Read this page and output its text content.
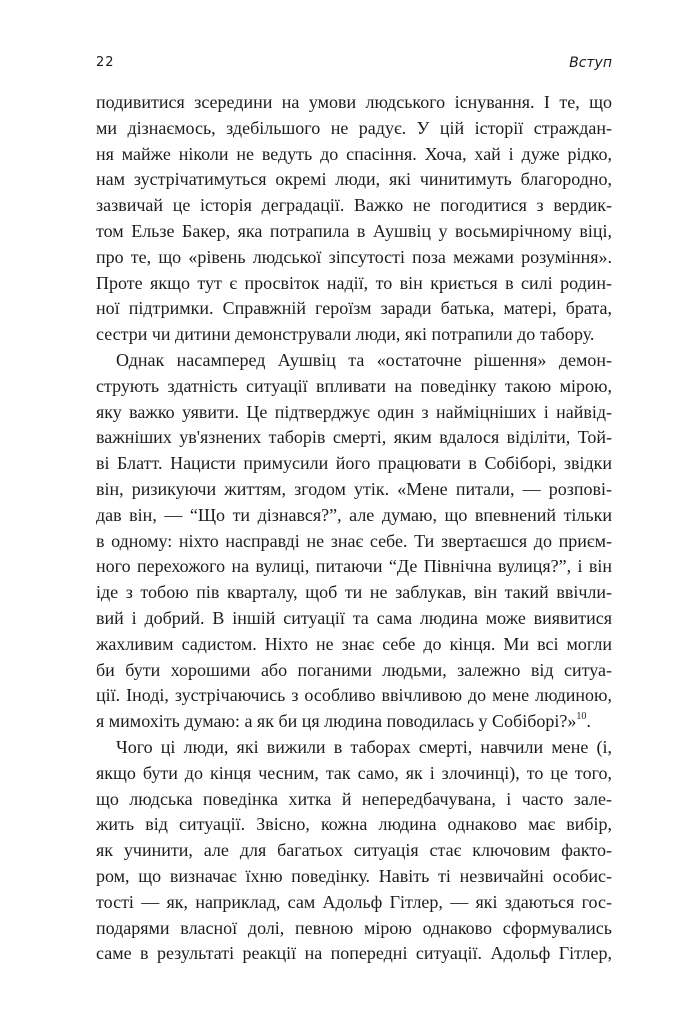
22	Вступ

подивитися зсередини на умови людського існування. І те, що
ми дізнаємось, здебільшого не радує. У цій історії страждан-
ня майже ніколи не ведуть до спасіння. Хоча, хай і дуже рідко,
нам зустрічатимуться окремі люди, які чинитимуть благородно,
зазвичай це історія деградації. Важко не погодитися з вердик-
том Ельзе Бакер, яка потрапила в Аушвіц у восьмирічному віці,
про те, що «рівень людської зіпсутості поза межами розуміння».
Проте якщо тут є просвіток надії, то він криється в силі родин-
ної підтримки. Справжній героїзм заради батька, матері, брата,
сестри чи дитини демонстрували люди, які потрапили до табору.

Однак насамперед Аушвіц та «остаточне рішення» демон-
струють здатність ситуації впливати на поведінку такою мірою,
яку важко уявити. Це підтверджує один з найміцніших і найвід-
важніших ув'язнених таборів смерті, яким вдалося віділіти, Той-
ві Блатт. Нацисти примусили його працювати в Собіборі, звідки
він, ризикуючи життям, згодом утік. «Мене питали, — розпові-
дав він, — “Що ти дізнався?”, але думаю, що впевнений тільки
в одному: ніхто насправді не знає себе. Ти звертаєшся до приєм-
ного перехожого на вулиці, питаючи “Де Північна вулиця?”, і він
іде з тобою пів кварталу, щоб ти не заблукав, він такий ввічли-
вий і добрий. В іншій ситуації та сама людина може виявитися
жахливим садистом. Ніхто не знає себе до кінця. Ми всі могли
би бути хорошими або поганими людьми, залежно від ситуа-
ції. Іноді, зустрічаючись з особливо ввічливою до мене людиною,
я мимохіть думаю: а як би ця людина поводилась у Собіборі?»$^{10}$.

Чого ці люди, які вижили в таборах смерті, навчили мене (і,
якщо бути до кінця чесним, так само, як і злочинці), то це того,
що людська поведінка хитка й непередбачувана, і часто зале-
жить від ситуації. Звісно, кожна людина однаково має вибір,
як учинити, але для багатьох ситуація стає ключовим факто-
ром, що визначає їхню поведінку. Навіть ті незвичайні особис-
тості — як, наприклад, сам Адольф Гітлер, — які здаються гос-
подарями власної долі, певною мірою однаково сформувались
саме в результаті реакції на попередні ситуації. Адольф Гітлер,
